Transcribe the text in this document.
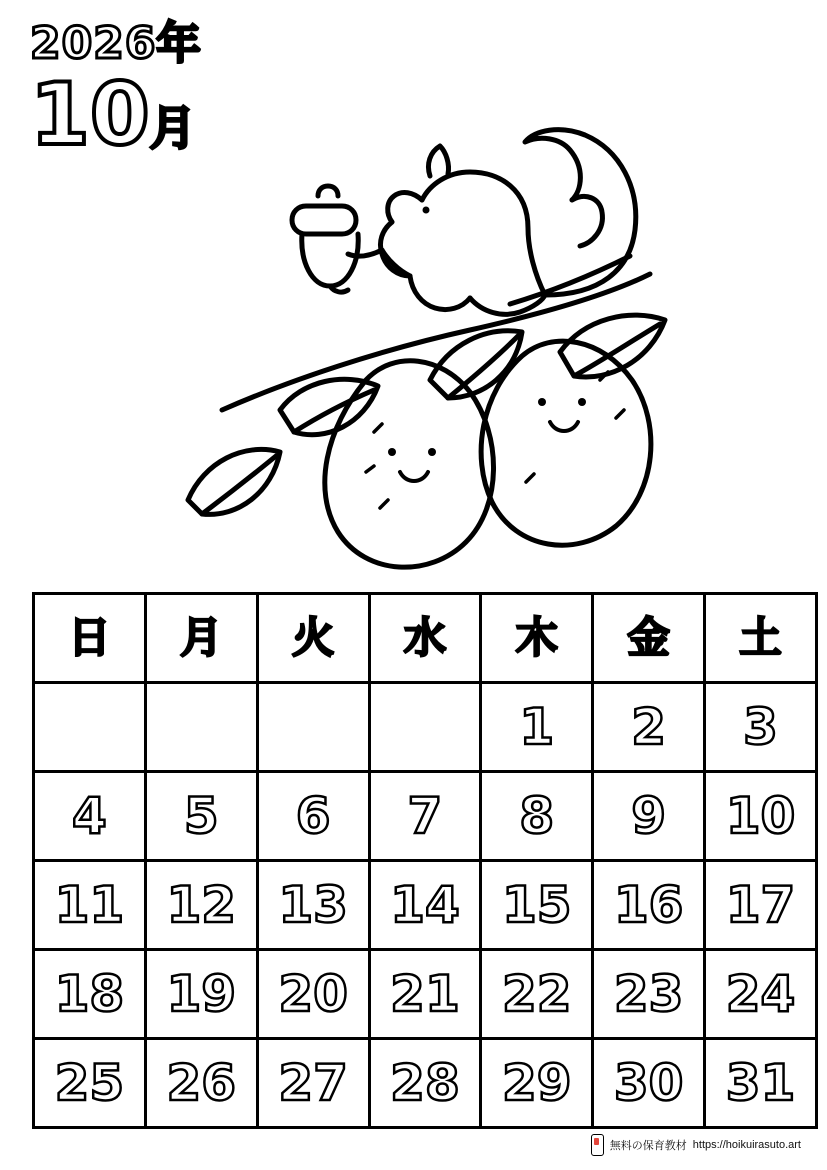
2026年
10月
日	月	火	水	木	金	土
				1	2	3
4	5	6	7	8	9	10
11	12	13	14	15	16	17
18	19	20	21	22	23	24
25	26	27	28	29	30	31
無料の保育教材 https://hoikuirasuto.art
